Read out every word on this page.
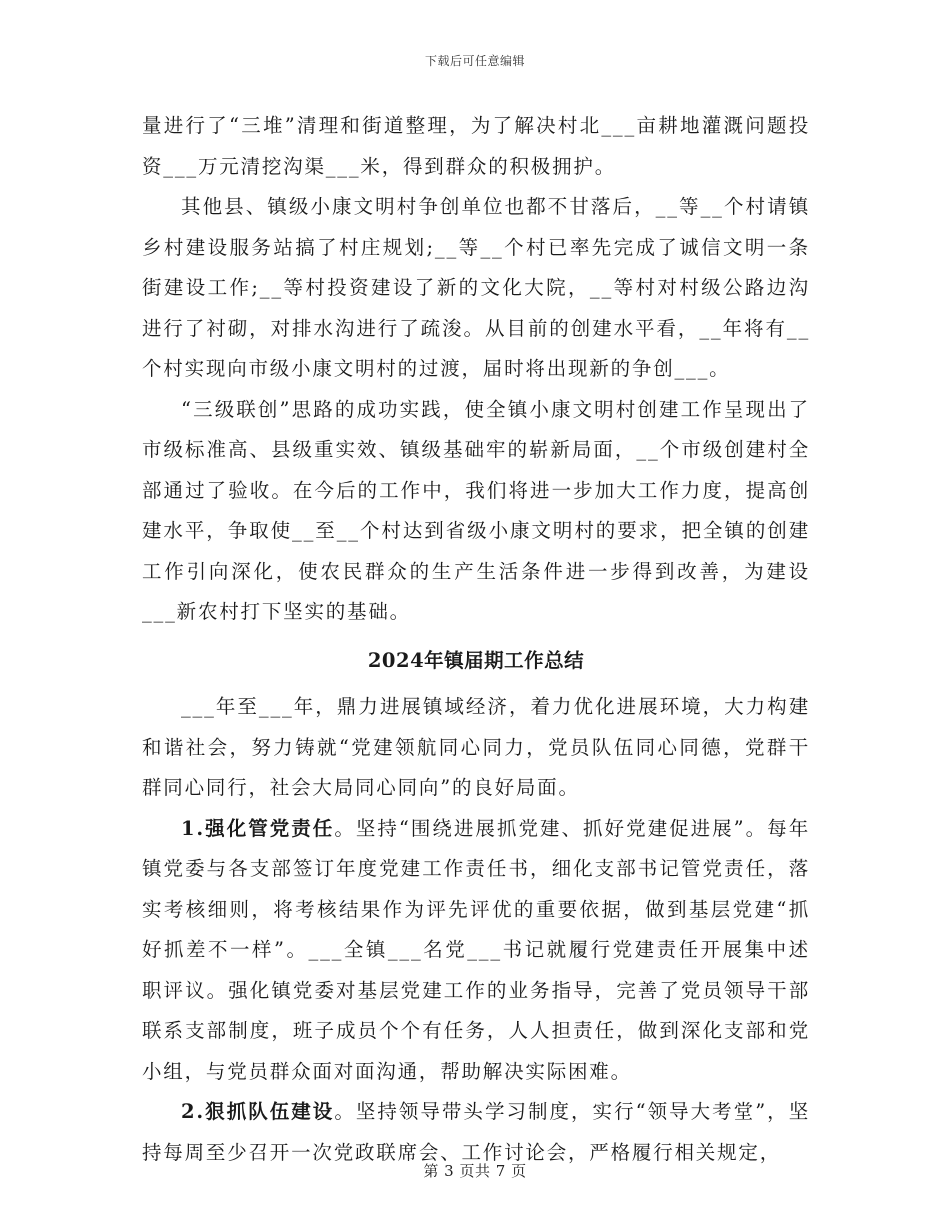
下载后可任意编辑

量进行了“三堆”清理和街道整理，为了解决村北___亩耕地灌溉问题投资___万元清挖沟渠___米，得到群众的积极拥护。

其他县、镇级小康文明村争创单位也都不甘落后，__等__个村请镇乡村建设服务站搞了村庄规划;__等__个村已率先完成了诚信文明一条街建设工作;__等村投资建设了新的文化大院，__等村对村级公路边沟进行了衬砌，对排水沟进行了疏浚。从目前的创建水平看，__年将有__个村实现向市级小康文明村的过渡，届时将出现新的争创___。

“三级联创”思路的成功实践，使全镇小康文明村创建工作呈现出了市级标准高、县级重实效、镇级基础牢的崭新局面，__个市级创建村全部通过了验收。在今后的工作中，我们将进一步加大工作力度，提高创建水平，争取使__至__个村达到省级小康文明村的要求，把全镇的创建工作引向深化，使农民群众的生产生活条件进一步得到改善，为建设___新农村打下坚实的基础。

2024年镇届期工作总结

___年至___年，鼎力进展镇域经济，着力优化进展环境，大力构建和谐社会，努力铸就“党建领航同心同力，党员队伍同心同德，党群干群同心同行，社会大局同心同向”的良好局面。

1.强化管党责任。坚持“围绕进展抓党建、抓好党建促进展”。每年镇党委与各支部签订年度党建工作责任书，细化支部书记管党责任，落实考核细则，将考核结果作为评先评优的重要依据，做到基层党建“抓好抓差不一样”。___全镇___名党___书记就履行党建责任开展集中述职评议。强化镇党委对基层党建工作的业务指导，完善了党员领导干部联系支部制度，班子成员个个有任务，人人担责任，做到深化支部和党小组，与党员群众面对面沟通，帮助解决实际困难。

2.狠抓队伍建设。坚持领导带头学习制度，实行“领导大考堂”，坚持每周至少召开一次党政联席会、工作讨论会，严格履行相关规定，

第 3 页共 7 页
